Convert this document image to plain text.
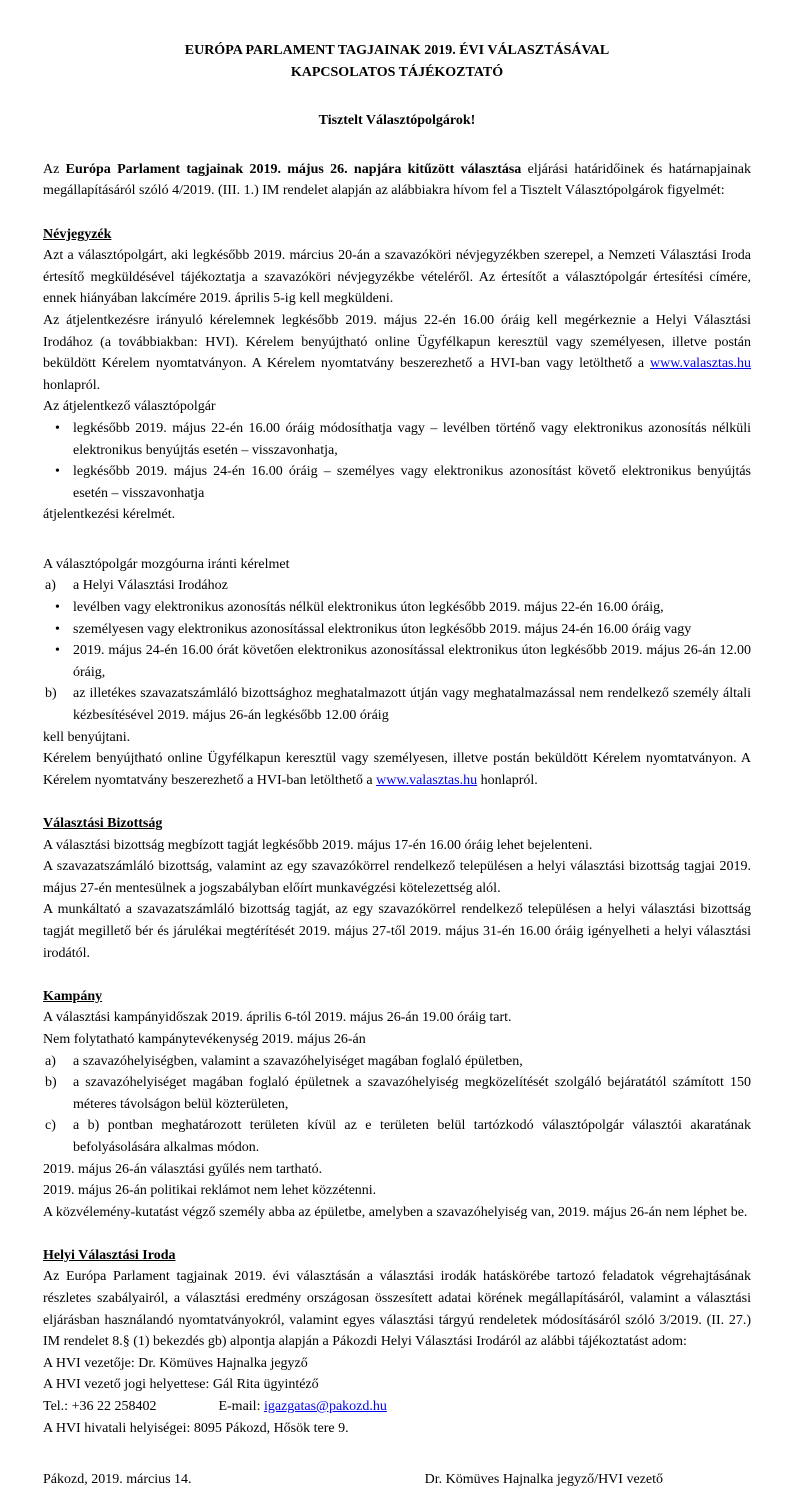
EURÓPA PARLAMENT TAGJAINAK 2019. ÉVI VÁLASZTÁSÁVAL
KAPCSOLATOS TÁJÉKOZTATÓ
Tisztelt Választópolgárok!

Az Európa Parlament tagjainak 2019. május 26. napjára kitűzött választása eljárási határidőinek és határnapjainak megállapításáról szóló 4/2019. (III. 1.) IM rendelet alapján az alábbiakra hívom fel a Tisztelt Választópolgárok figyelmét:

Névjegyzék

Azt a választópolgárt, aki legkésőbb 2019. március 20-án a szavazóköri névjegyzékben szerepel, a Nemzeti Választási Iroda értesítő megküldésével tájékoztatja a szavazóköri névjegyzékbe vételéről. Az értesítőt a választópolgár értesítési címére, ennek hiányában lakcímére 2019. április 5-ig kell megküldeni.

Az átjelentkezésre irányuló kérelemnek legkésőbb 2019. május 22-én 16.00 óráig kell megérkeznie a Helyi Választási Irodához (a továbbiakban: HVI). Kérelem benyújtható online Ügyfélkapun keresztül vagy személyesen, illetve postán beküldött Kérelem nyomtatványon. A Kérelem nyomtatvány beszerezhető a HVI-ban vagy letölthető a www.valasztas.hu honlapról.

Az átjelentkező választópolgár

• legkésőbb 2019. május 22-én 16.00 óráig módosíthatja vagy – levélben történő vagy elektronikus azonosítás nélküli elektronikus benyújtás esetén – visszavonhatja,
• legkésőbb 2019. május 24-én 16.00 óráig – személyes vagy elektronikus azonosítást követő elektronikus benyújtás esetén – visszavonhatja

átjelentkezési kérelmét.

A választópolgár mozgóurna iránti kérelmet

a)	a Helyi Választási Irodához
• levélben vagy elektronikus azonosítás nélkül elektronikus úton legkésőbb 2019. május 22-én 16.00 óráig,
• személyesen vagy elektronikus azonosítással elektronikus úton legkésőbb 2019. május 24-én 16.00 óráig vagy
• 2019. május 24-én 16.00 órát követően elektronikus azonosítással elektronikus úton legkésőbb 2019. május 26-án 12.00 óráig,
b)	az illetékes szavazatszámláló bizottsághoz meghatalmazott útján vagy meghatalmazással nem rendelkező személy általi kézbesítésével 2019. május 26-án legkésőbb 12.00 óráig

kell benyújtani.

Kérelem benyújtható online Ügyfélkapun keresztül vagy személyesen, illetve postán beküldött Kérelem nyomtatványon. A Kérelem nyomtatvány beszerezhető a HVI-ban letölthető a www.valasztas.hu honlapról.

Választási Bizottság

A választási bizottság megbízott tagját legkésőbb 2019. május 17-én 16.00 óráig lehet bejelenteni.

A szavazatszámláló bizottság, valamint az egy szavazókörrel rendelkező településen a helyi választási bizottság tagjai 2019. május 27-én mentesülnek a jogszabályban előírt munkavégzési kötelezettség alól.

A munkáltató a szavazatszámláló bizottság tagját, az egy szavazókörrel rendelkező településen a helyi választási bizottság tagját megillető bér és járulékai megtérítését 2019. május 27-től 2019. május 31-én 16.00 óráig igényelheti a helyi választási irodától.

Kampány

A választási kampányidőszak 2019. április 6-tól 2019. május 26-án 19.00 óráig tart.

Nem folytatható kampánytevékenység 2019. május 26-án

a)	a szavazóhelyiségben, valamint a szavazóhelyiséget magában foglaló épületben,
b)	a szavazóhelyiséget magában foglaló épületnek a szavazóhelyiség megközelítését szolgáló bejáratától számított 150 méteres távolságon belül közterületen,
c)	a b) pontban meghatározott területen kívül az e területen belül tartózkodó választópolgár választói akaratának befolyásolására alkalmas módon.

2019. május 26-án választási gyűlés nem tartható.

2019. május 26-án politikai reklámot nem lehet közzétenni.

A közvélemény-kutatást végző személy abba az épületbe, amelyben a szavazóhelyiség van, 2019. május 26-án nem léphet be.

Helyi Választási Iroda

Az Európa Parlament tagjainak 2019. évi választásán a választási irodák hatáskörébe tartozó feladatok végrehajtásának részletes szabályairól, a választási eredmény országosan összesített adatai körének megállapításáról, valamint a választási eljárásban használandó nyomtatványokról, valamint egyes választási tárgyú rendeletek módosításáról szóló 3/2019. (II. 27.) IM rendelet 8.§ (1) bekezdés gb) alpontja alapján a Pákozdi Helyi Választási Irodáról az alábbi tájékoztatást adom:

A HVI vezetője: Dr. Kömüves Hajnalka jegyző

A HVI vezető jogi helyettese: Gál Rita ügyintéző

Tel.: +36 22 258402	E-mail: igazgatas@pakozd.hu

A HVI hivatali helyiségei: 8095 Pákozd, Hősök tere 9.

Pákozd, 2019. március 14.	Dr. Kömüves Hajnalka jegyző/HVI vezető
